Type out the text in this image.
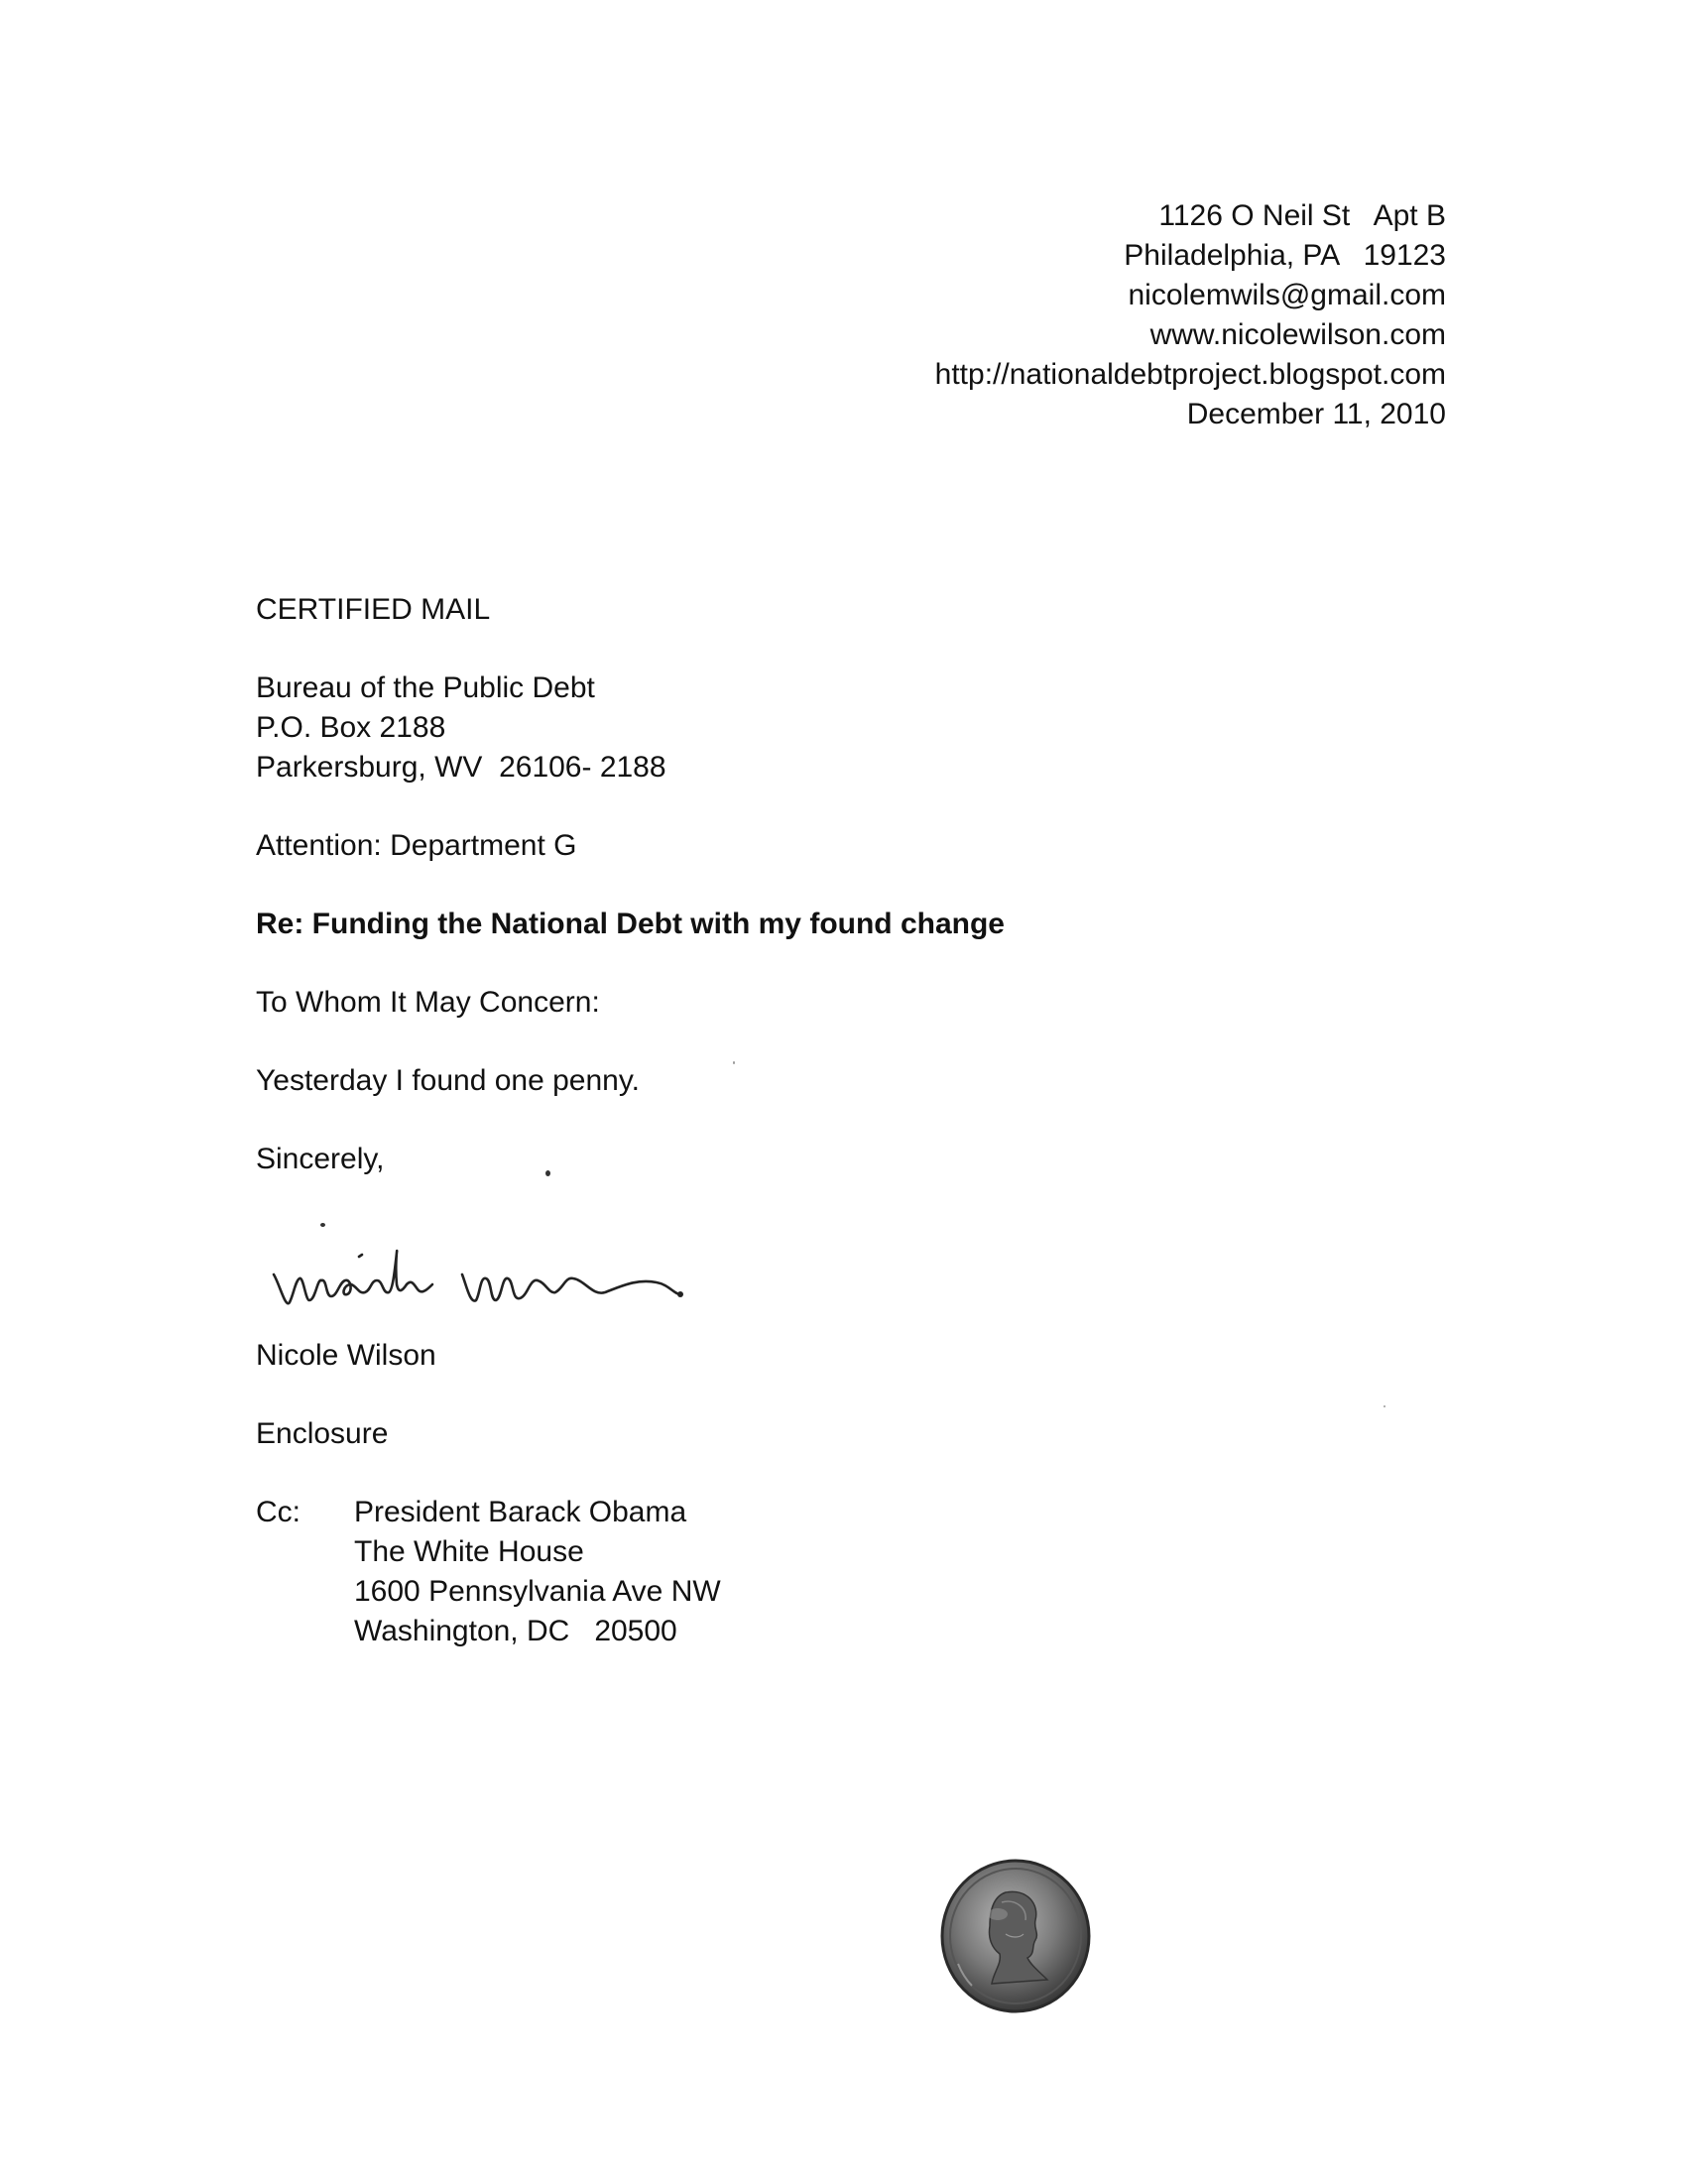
1126 O Neil St   Apt B
Philadelphia, PA   19123
nicolemwils@gmail.com
www.nicolewilson.com
http://nationaldebtproject.blogspot.com
December 11, 2010
CERTIFIED MAIL
Bureau of the Public Debt
P.O. Box 2188
Parkersburg, WV  26106- 2188
Attention: Department G
Re: Funding the National Debt with my found change
To Whom It May Concern:
Yesterday I found one penny.
Sincerely,
Nicole Wilson
Enclosure
Cc:	President Barack Obama
The White House
1600 Pennsylvania Ave NW
Washington, DC   20500
